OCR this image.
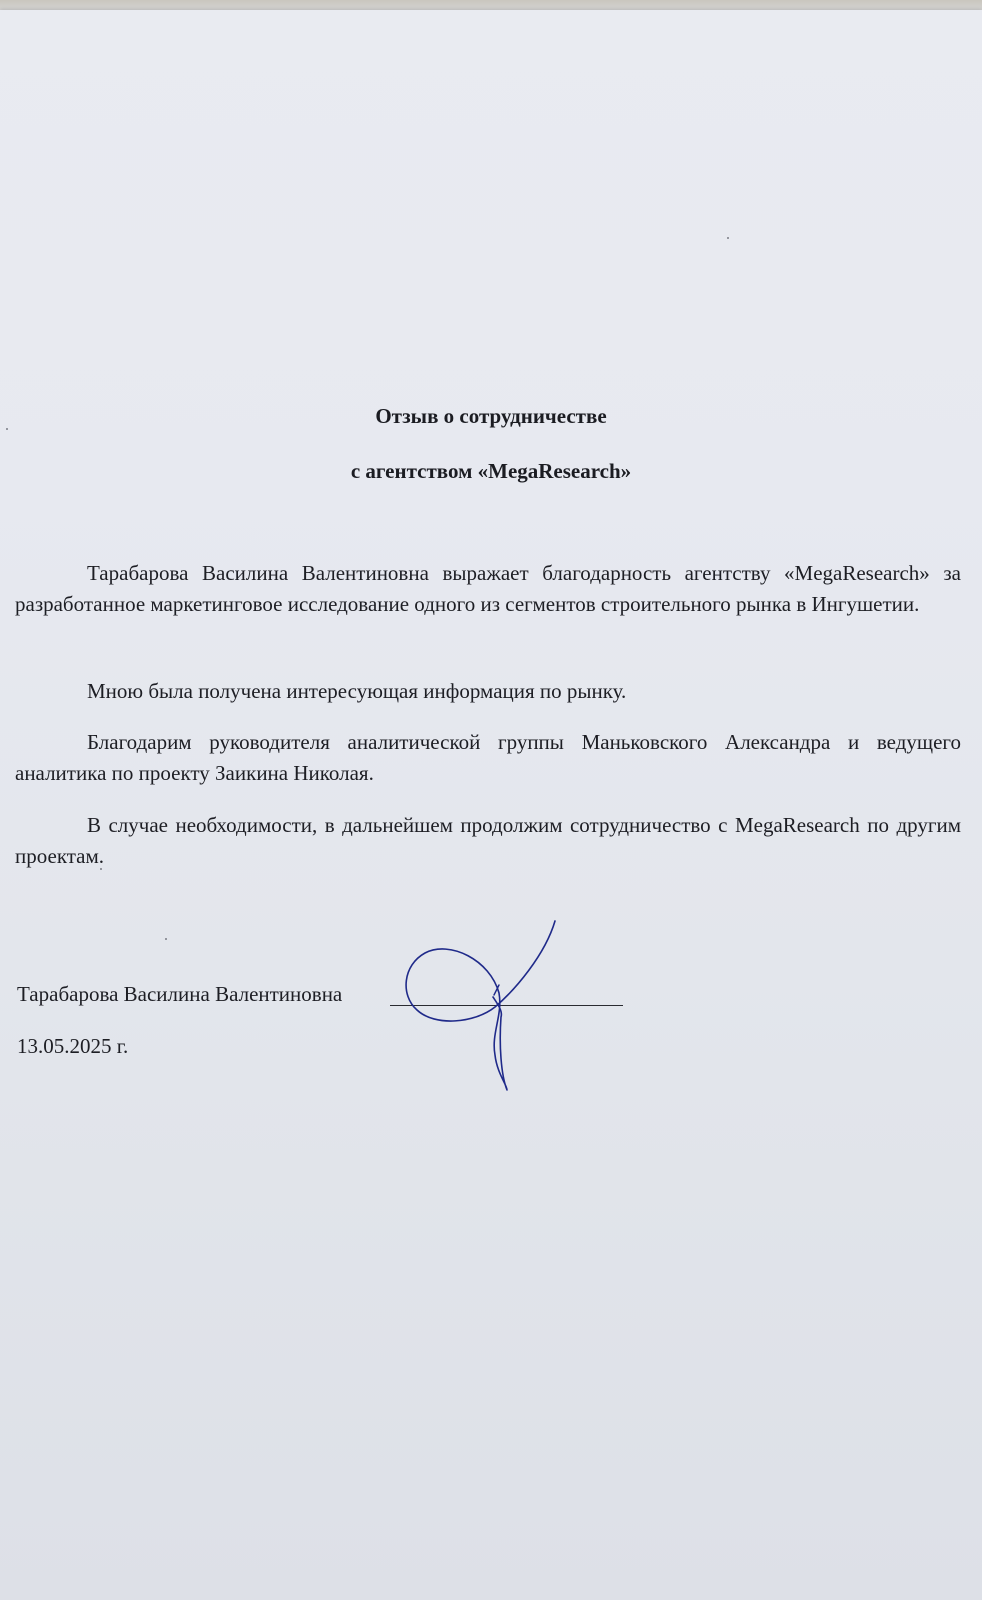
Отзыв о сотрудничестве
с агентством «MegaResearch»

Тарабарова Василина Валентиновна выражает благодарность агентству «MegaResearch» за разработанное маркетинговое исследование одного из сегментов строительного рынка в Ингушетии.

Мною была получена интересующая информация по рынку.

Благодарим руководителя аналитической группы Маньковского Александра и ведущего аналитика по проекту Заикина Николая.

В случае необходимости, в дальнейшем продолжим сотрудничество с MegaResearch по другим проектам.

Тарабарова Василина Валентиновна
13.05.2025 г.
